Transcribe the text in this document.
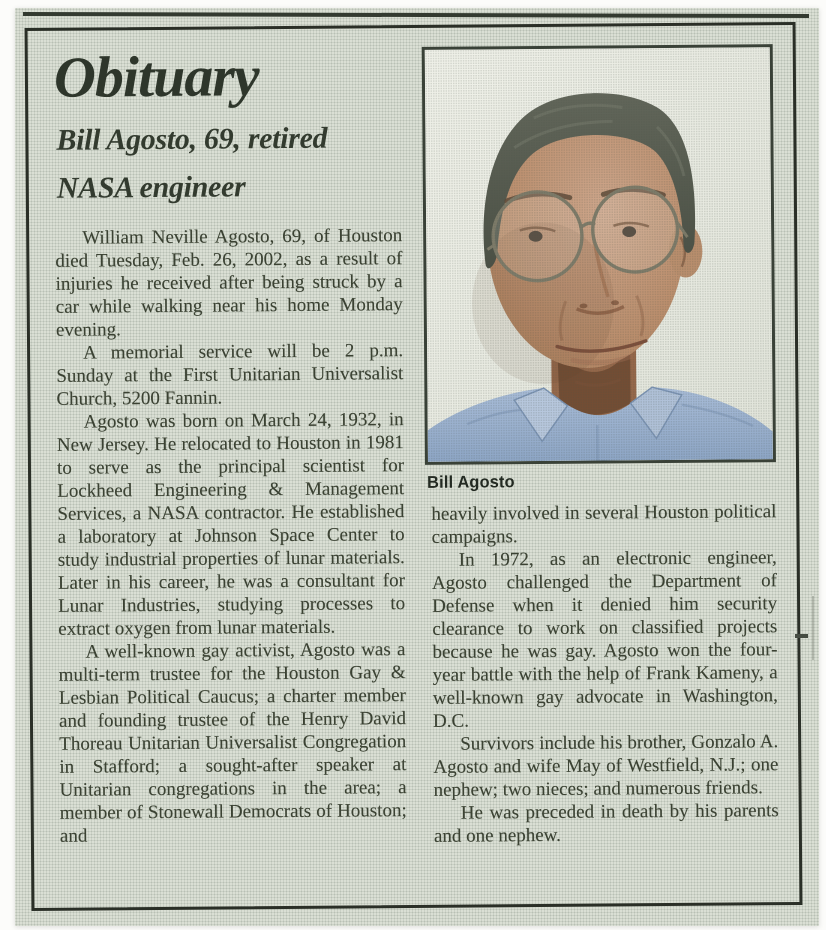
Obituary
Bill Agosto, 69, retired NASA engineer

William Neville Agosto, 69, of Houston died Tuesday, Feb. 26, 2002, as a result of injuries he received after being struck by a car while walking near his home Monday evening.

A memorial service will be 2 p.m. Sunday at the First Unitarian Universalist Church, 5200 Fannin.

Agosto was born on March 24, 1932, in New Jersey. He relocated to Houston in 1981 to serve as the principal scientist for Lockheed Engineering & Management Services, a NASA contractor. He established a laboratory at Johnson Space Center to study industrial properties of lunar materials. Later in his career, he was a consultant for Lunar Industries, studying processes to extract oxygen from lunar materials.

A well-known gay activist, Agosto was a multi-term trustee for the Houston Gay & Lesbian Political Caucus; a charter member and founding trustee of the Henry David Thoreau Unitarian Universalist Congregation in Stafford; a sought-after speaker at Unitarian congregations in the area; a member of Stonewall Democrats of Houston; and

Bill Agosto

heavily involved in several Houston political campaigns.

In 1972, as an electronic engineer, Agosto challenged the Department of Defense when it denied him security clearance to work on classified projects because he was gay. Agosto won the four-year battle with the help of Frank Kameny, a well-known gay advocate in Washington, D.C.

Survivors include his brother, Gonzalo A. Agosto and wife May of Westfield, N.J.; one nephew; two nieces; and numerous friends.

He was preceded in death by his parents and one nephew.
